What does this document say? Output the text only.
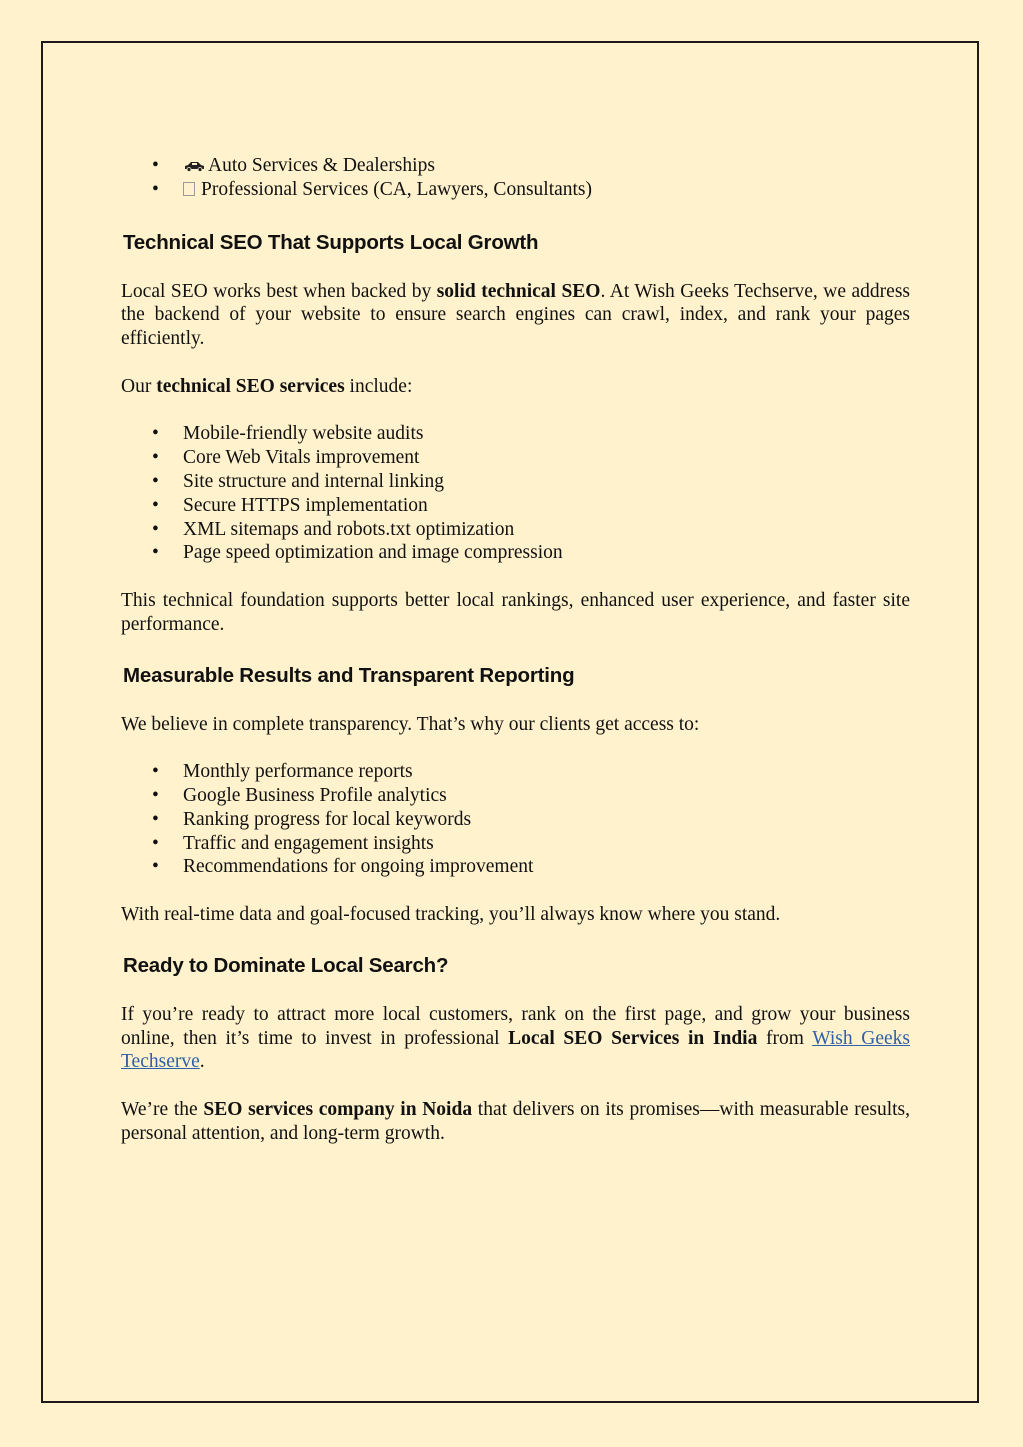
• Auto Services & Dealerships
• Professional Services (CA, Lawyers, Consultants)
Technical SEO That Supports Local Growth

Local SEO works best when backed by solid technical SEO. At Wish Geeks Techserve, we address the backend of your website to ensure search engines can crawl, index, and rank your pages efficiently.

Our technical SEO services include:

• Mobile-friendly website audits
• Core Web Vitals improvement
• Site structure and internal linking
• Secure HTTPS implementation
• XML sitemaps and robots.txt optimization
• Page speed optimization and image compression

This technical foundation supports better local rankings, enhanced user experience, and faster site performance.

Measurable Results and Transparent Reporting

We believe in complete transparency. That’s why our clients get access to:

• Monthly performance reports
• Google Business Profile analytics
• Ranking progress for local keywords
• Traffic and engagement insights
• Recommendations for ongoing improvement

With real-time data and goal-focused tracking, you’ll always know where you stand.

Ready to Dominate Local Search?

If you’re ready to attract more local customers, rank on the first page, and grow your business online, then it’s time to invest in professional Local SEO Services in India from Wish Geeks Techserve.

We’re the SEO services company in Noida that delivers on its promises—with measurable results, personal attention, and long-term growth.
